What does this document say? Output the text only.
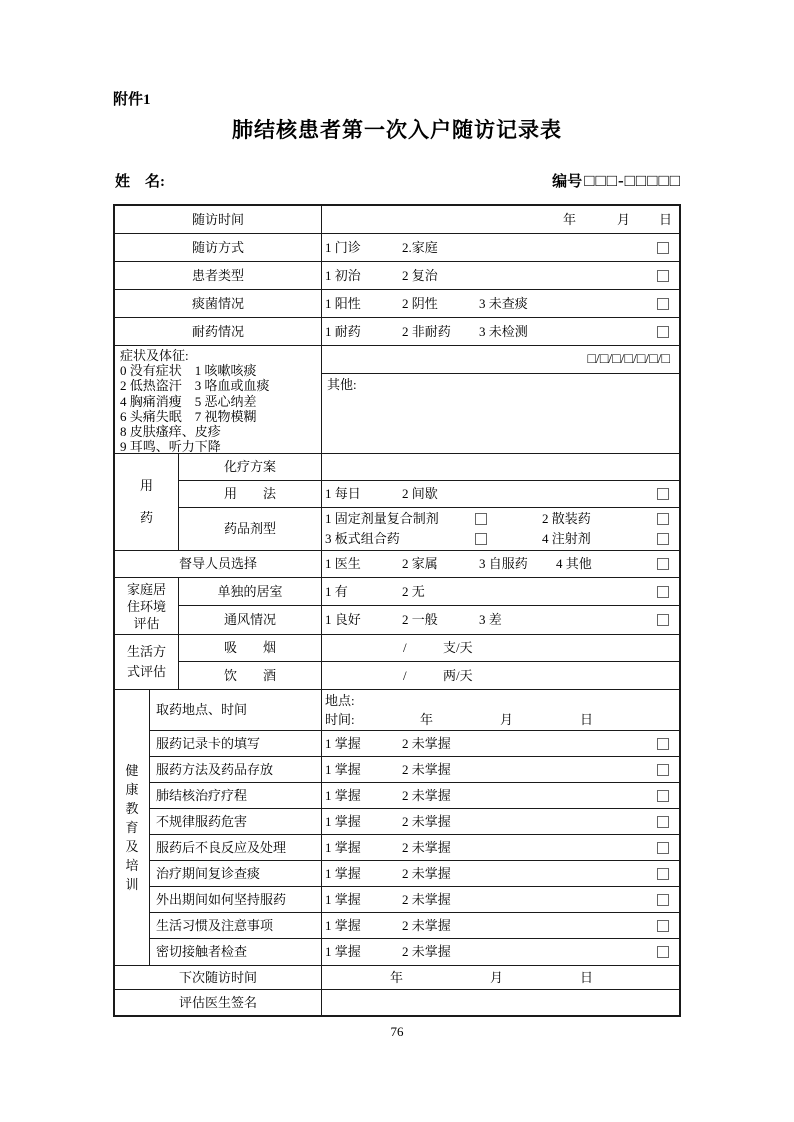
附件1
肺结核患者第一次入户随访记录表
姓　名:	编号 □□□-□□□□□
随访时间	年	月 日
随访方式	1 门诊	2.家庭
患者类型	1 初治	2 复治
痰菌情况	1 阳性	2 阴性	3 未查痰
耐药情况	1 耐药	2 非耐药 3 未检测
症状及体征:
0 没有症状　1 咳嗽咳痰
2 低热盗汗　3 咯血或血痰
4 胸痛消瘦　5 恶心纳差
6 头痛失眠　7 视物模糊
8 皮肤瘙痒、皮疹
9 耳鸣、听力下降
□/□/□/□/□/□/□
其他:
用
药
化疗方案
用　　法	1 每日	2 间歇
药品剂型
1 固定剂量复合制剂	2 散装药
3 板式组合药	4 注射剂
督导人员选择	1 医生	2 家属	3 自服药 4 其他
家庭居
住环境
评估
单独的居室	1 有	2 无
通风情况	1 良好	2 一般	3 差
生活方
式评估
吸　　烟	/	支/天
饮　　酒	/	两/天
健
康
教
育
及
培
训
取药地点、时间
地点:
时间:	年	月	日
服药记录卡的填写	1 掌握	2 未掌握
服药方法及药品存放	1 掌握	2 未掌握
肺结核治疗疗程	1 掌握	2 未掌握
不规律服药危害	1 掌握	2 未掌握
服药后不良反应及处理	1 掌握	2 未掌握
治疗期间复诊查痰	1 掌握	2 未掌握
外出期间如何坚持服药	1 掌握	2 未掌握
生活习惯及注意事项	1 掌握	2 未掌握
密切接触者检查	1 掌握	2 未掌握
下次随访时间	年	月	日
评估医生签名
76
